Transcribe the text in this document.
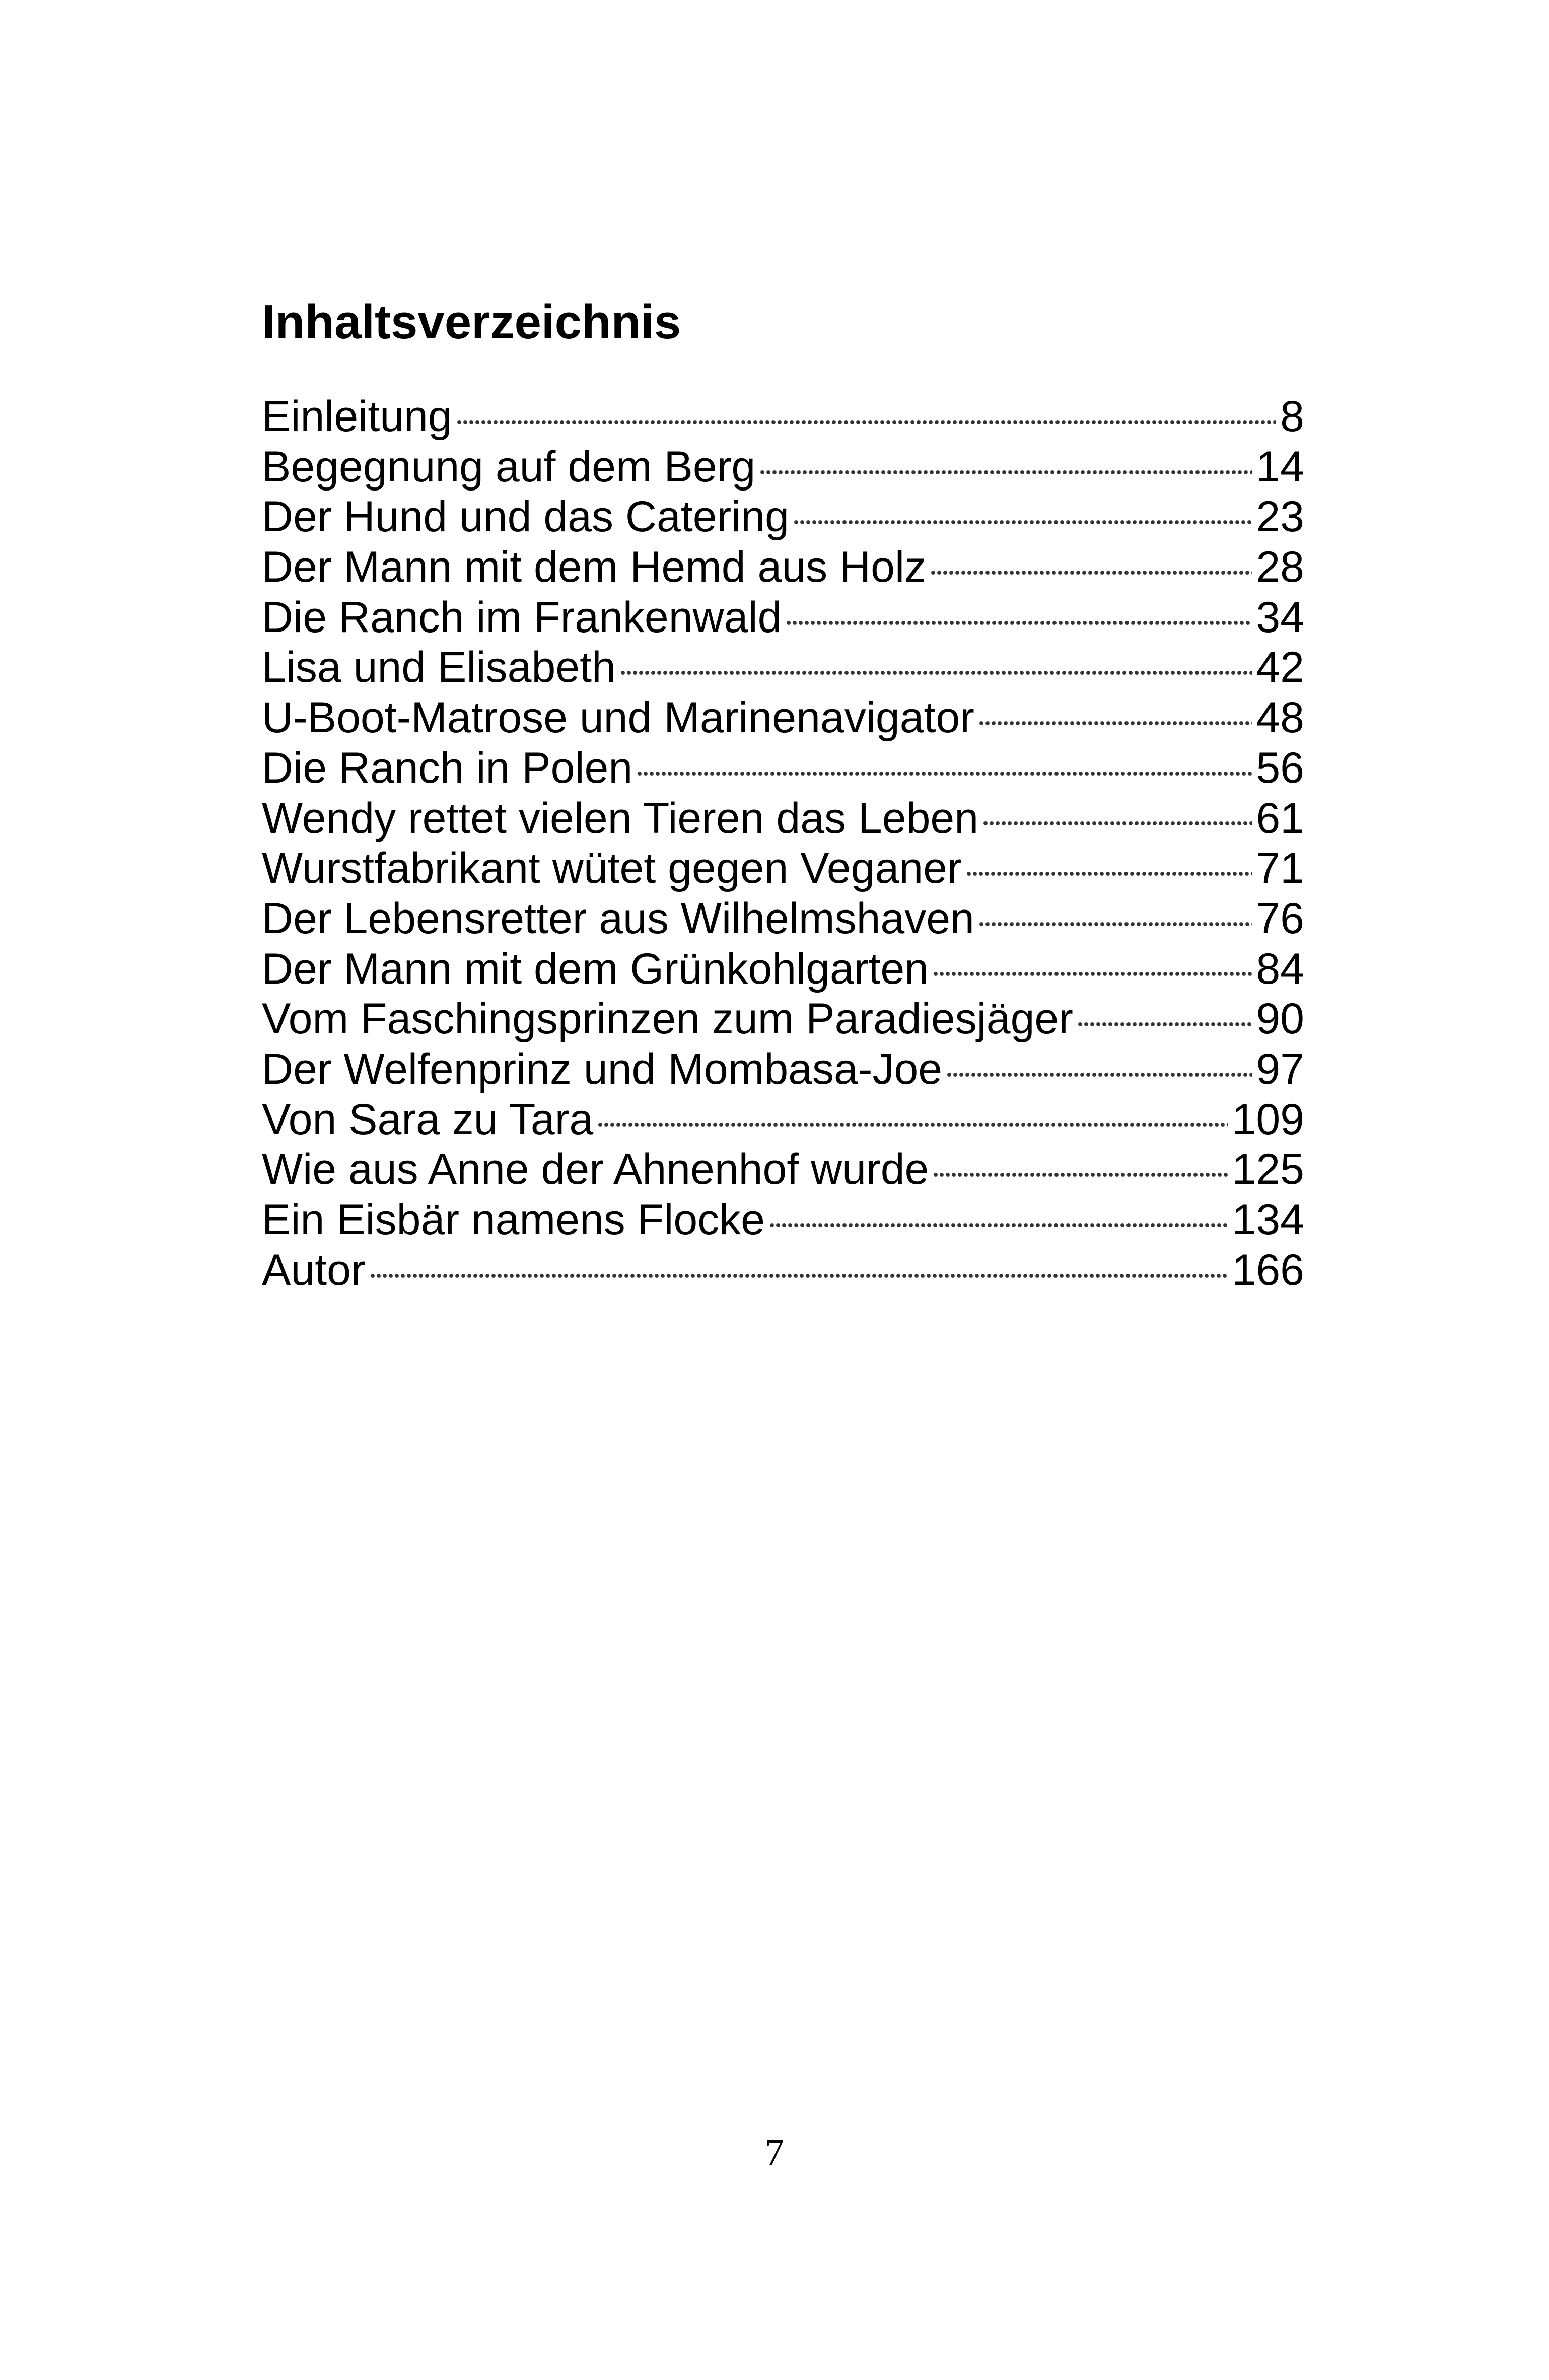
Inhaltsverzeichnis
Einleitung	8
Begegnung auf dem Berg	14
Der Hund und das Catering	23
Der Mann mit dem Hemd aus Holz	28
Die Ranch im Frankenwald	34
Lisa und Elisabeth	42
U-Boot-Matrose und Marinenavigator	48
Die Ranch in Polen	56
Wendy rettet vielen Tieren das Leben	61
Wurstfabrikant wütet gegen Veganer	71
Der Lebensretter aus Wilhelmshaven	76
Der Mann mit dem Grünkohlgarten	84
Vom Faschingsprinzen zum Paradiesjäger	90
Der Welfenprinz und Mombasa-Joe	97
Von Sara zu Tara	109
Wie aus Anne der Ahnenhof wurde	125
Ein Eisbär namens Flocke	134
Autor	166
7
